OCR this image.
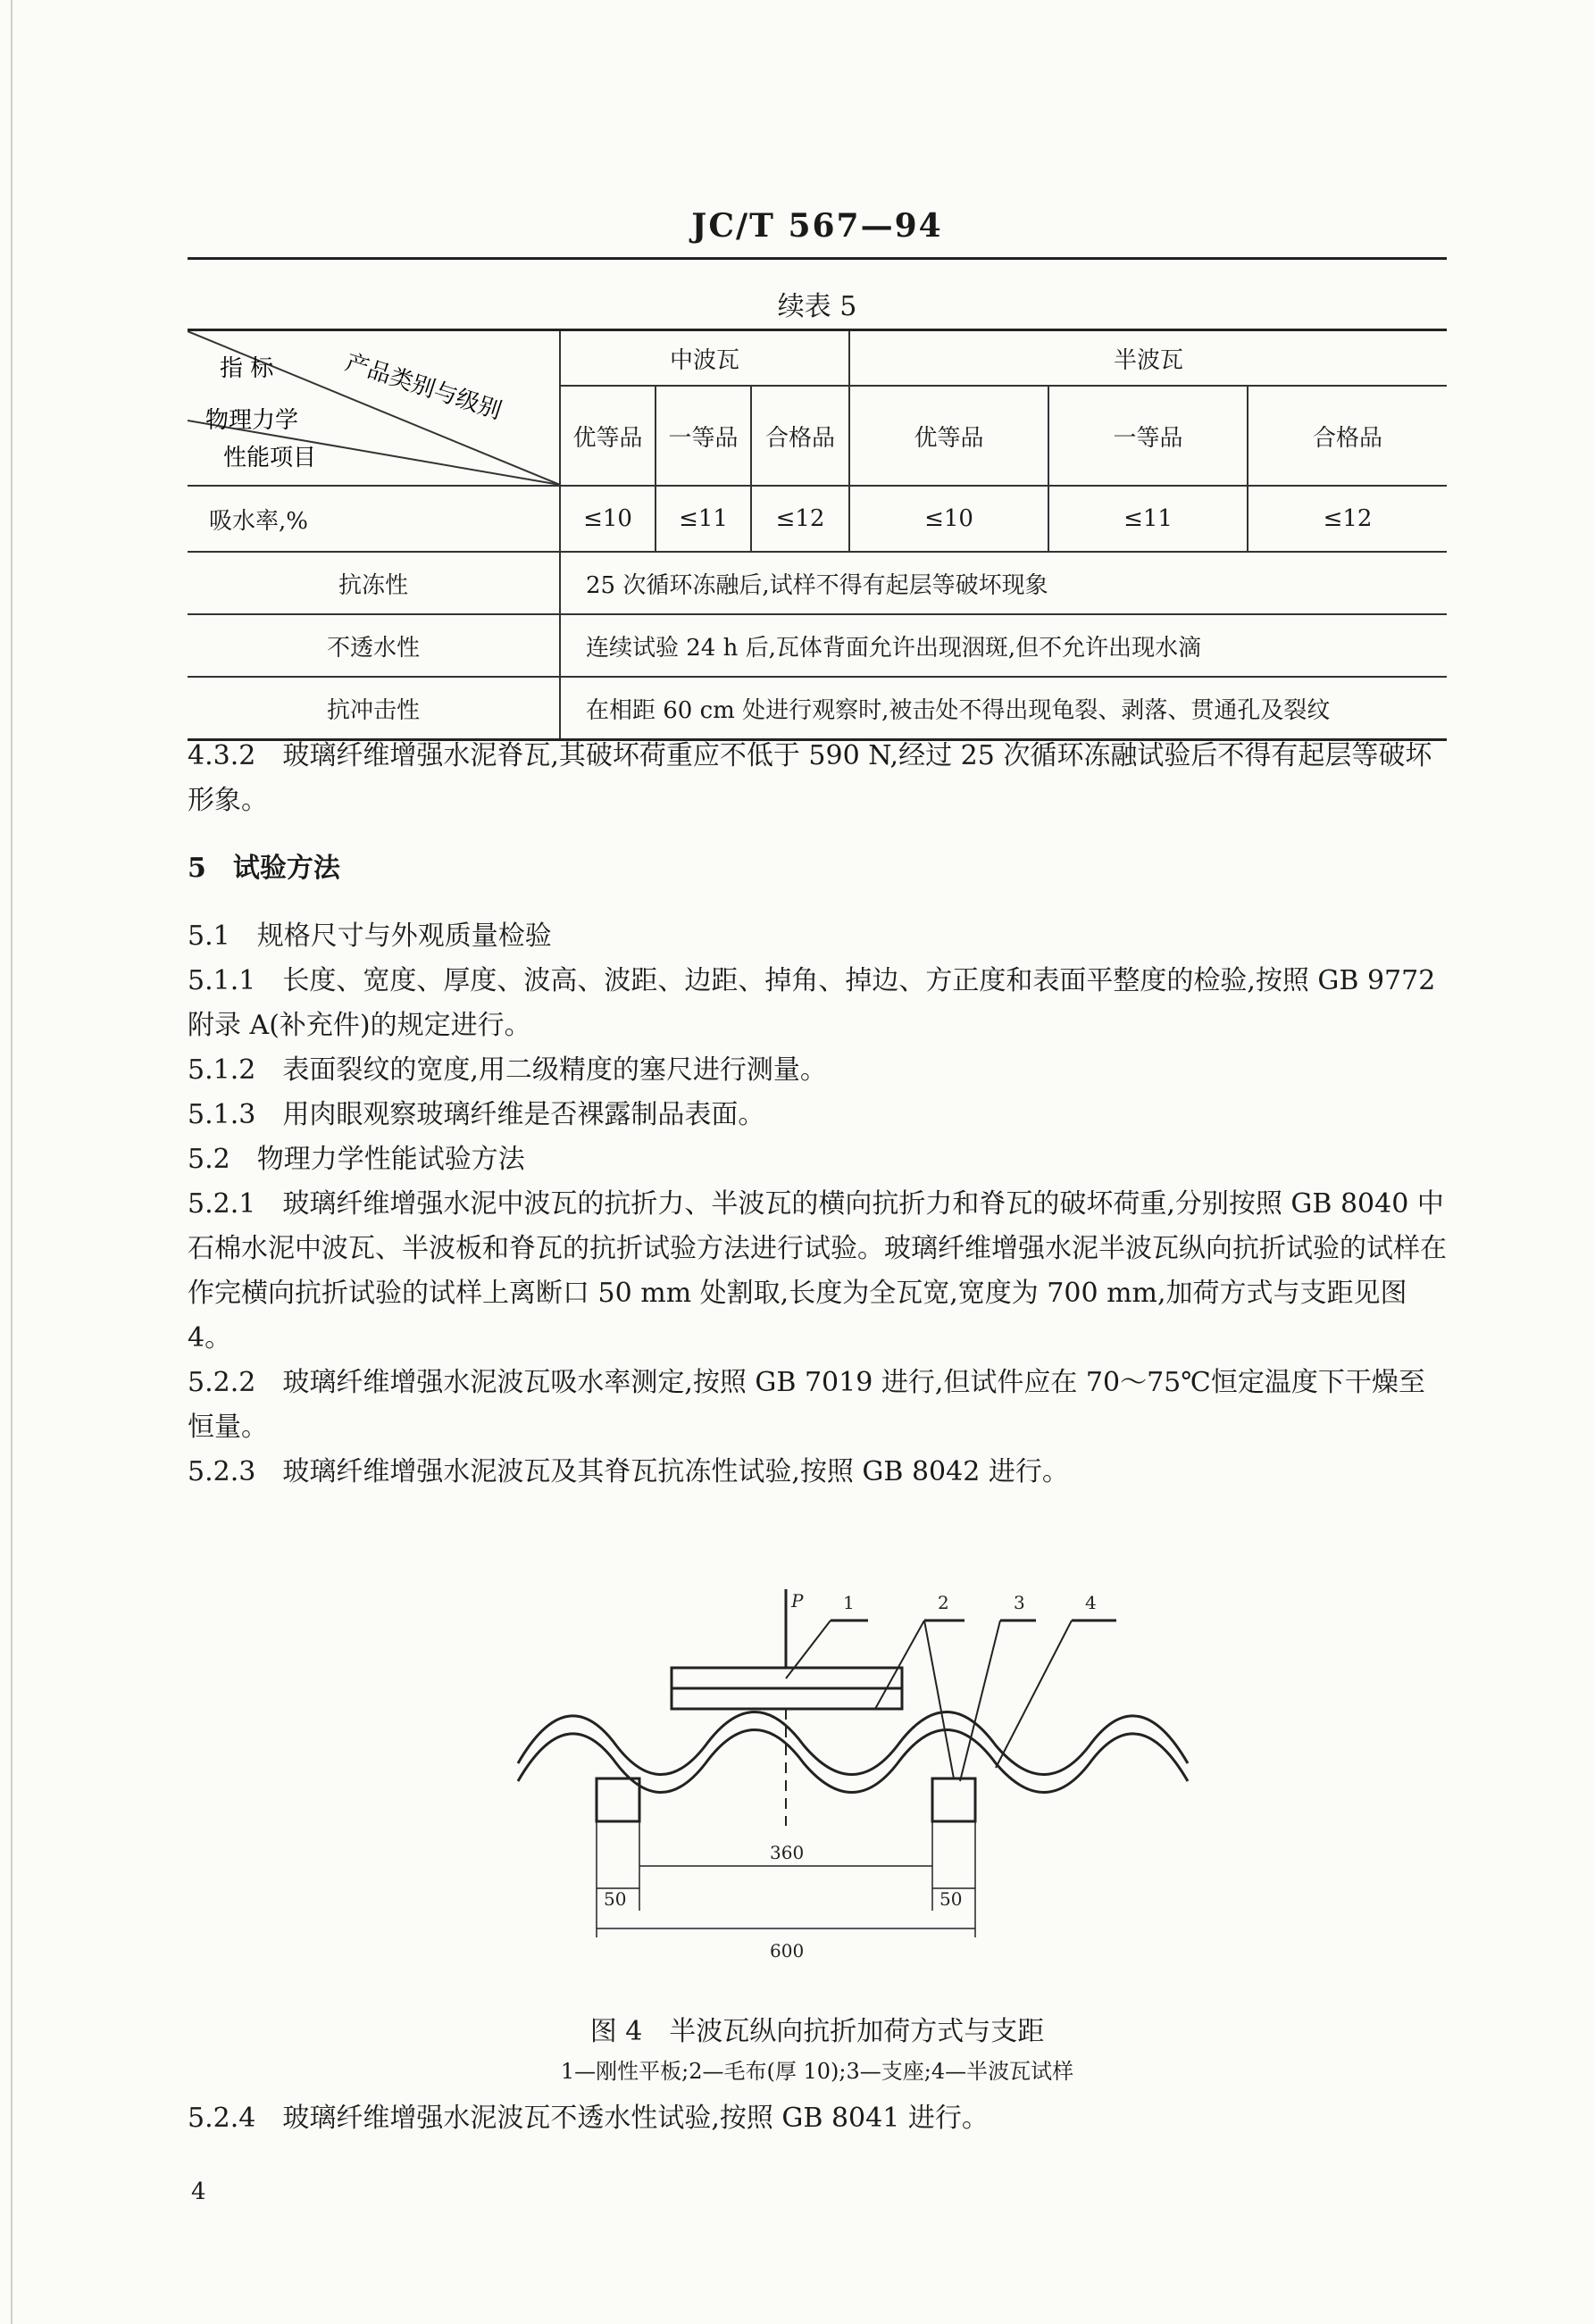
JC/T 567—94
续表 5
指 标 产品类别与级别
物理力学
性能项目	中波瓦			半波瓦		
	优等品	一等品	合格品	优等品	一等品	合格品
吸水率,%	≤10	≤11	≤12	≤10	≤11	≤12
抗冻性	25 次循环冻融后,试样不得有起层等破坏现象					
不透水性	连续试验 24 h 后,瓦体背面允许出现洇斑,但不允许出现水滴					
抗冲击性	在相距 60 cm 处进行观察时,被击处不得出现龟裂、剥落、贯通孔及裂纹					

4.3.2　玻璃纤维增强水泥脊瓦,其破坏荷重应不低于 590 N,经过 25 次循环冻融试验后不得有起层等破坏形象。

5　试验方法

5.1　规格尺寸与外观质量检验

5.1.1　长度、宽度、厚度、波高、波距、边距、掉角、掉边、方正度和表面平整度的检验,按照 GB 9772 附录 A(补充件)的规定进行。

5.1.2　表面裂纹的宽度,用二级精度的塞尺进行测量。

5.1.3　用肉眼观察玻璃纤维是否裸露制品表面。

5.2　物理力学性能试验方法

5.2.1　玻璃纤维增强水泥中波瓦的抗折力、半波瓦的横向抗折力和脊瓦的破坏荷重,分别按照 GB 8040 中石棉水泥中波瓦、半波板和脊瓦的抗折试验方法进行试验。玻璃纤维增强水泥半波瓦纵向抗折试验的试样在作完横向抗折试验的试样上离断口 50 mm 处割取,长度为全瓦宽,宽度为 700 mm,加荷方式与支距见图 4。

5.2.2　玻璃纤维增强水泥波瓦吸水率测定,按照 GB 7019 进行,但试件应在 70～75℃恒定温度下干燥至恒量。

5.2.3　玻璃纤维增强水泥波瓦及其脊瓦抗冻性试验,按照 GB 8042 进行。

P 1	2	3	4
360
50	50
600
图 4　半波瓦纵向抗折加荷方式与支距
1—刚性平板;2—毛布(厚 10);3—支座;4—半波瓦试样

5.2.4　玻璃纤维增强水泥波瓦不透水性试验,按照 GB 8041 进行。

4
